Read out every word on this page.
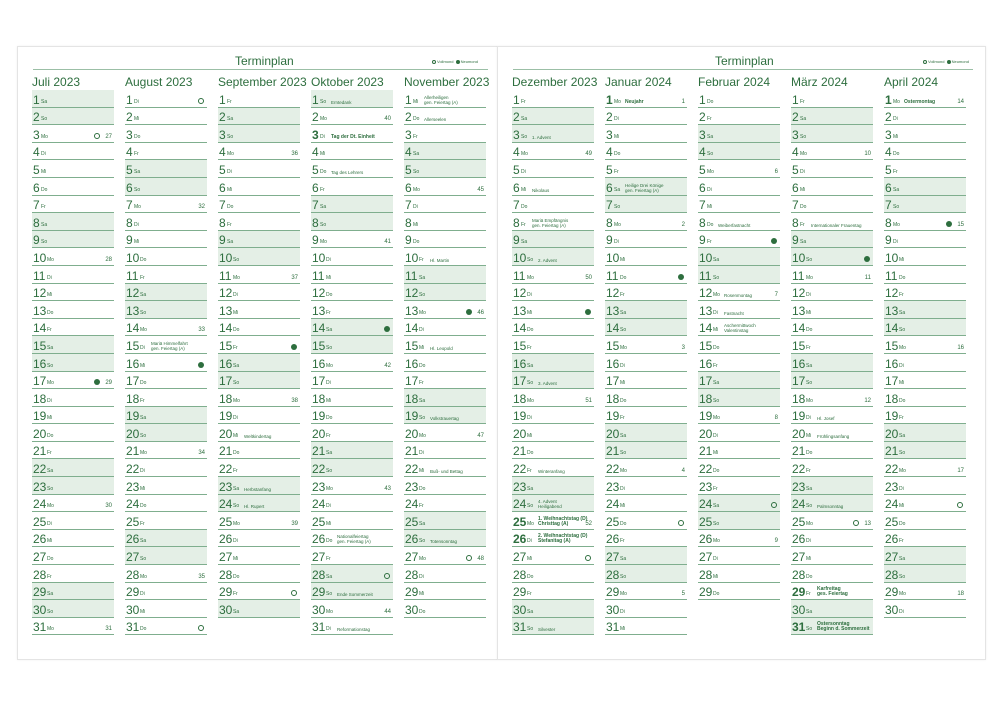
Terminplan	Vollmond Neumond	Terminplan	Vollmond Neumond
Juli 2023
1 Sa
2 So
3 Mo	27
4 Di
5 Mi
6 Do
7 Fr
8 Sa
9 So
10 Mo	28
11 Di
12 Mi
13 Do
14 Fr
15 Sa
16 So
17 Mo	29
18 Di
19 Mi
20 Do
21 Fr
22 Sa
23 So
24 Mo	30
25 Di
26 Mi
27 Do
28 Fr
29 Sa
30 So
31 Mo	31
August 2023
1 Di
2 Mi
3 Do
4 Fr
5 Sa
6 So
7 Mo	32
8 Di
9 Mi
10 Do
11 Fr
12 Sa
13 So
14 Mo	33
15 Di
Mariä Himmelfahrt
gen. Feiertag (A)
16 Mi
17 Do
18 Fr
19 Sa
20 So
21 Mo	34
22 Di
23 Mi
24 Do
25 Fr
26 Sa
27 So
28 Mo	35
29 Di
30 Mi
31 Do
September 2023
1 Fr
2 Sa
3 So
4 Mo	36
5 Di
6 Mi
7 Do
8 Fr
9 Sa
10 So
11 Mo	37
12 Di
13 Mi
14 Do
15 Fr
16 Sa
17 So
18 Mo	38
19 Di
20 Mi Weltkindertag
21 Do
22 Fr
23 Sa Herbstanfang
24 So Hl. Rupert
25 Mo	39
26 Di
27 Mi
28 Do
29 Fr
30 Sa
Oktober 2023
1 So Erntedank
2 Mo	40
3 Di Tag der Dt. Einheit
4 Mi
5 Do Tag des Lehrers
6 Fr
7 Sa
8 So
9 Mo	41
10 Di
11 Mi
12 Do
13 Fr
14 Sa
15 So
16 Mo	42
17 Di
18 Mi
19 Do
20 Fr
21 Sa
22 So
23 Mo	43
24 Di
25 Mi
26 Do
Nationalfeiertag
gen. Feiertag (A)
27 Fr
28 Sa
29 So Ende Sommerzeit
30 Mo	44
31 Di Reformationstag
November 2023
1 Mi
Allerheiligen
gen. Feiertag (A)
2 Do Allerseelen
3 Fr
4 Sa
5 So
6 Mo	45
7 Di
8 Mi
9 Do
10 Fr Hl. Martin
11 Sa
12 So
13 Mo	46
14 Di
15 Mi Hl. Leopold
16 Do
17 Fr
18 Sa
19 So Volkstrauertag
20 Mo	47
21 Di
22 Mi Buß- und Bettag
23 Do
24 Fr
25 Sa
26 So Totensonntag
27 Mo	48
28 Di
29 Mi
30 Do
Dezember 2023
1 Fr
2 Sa
3 So 1. Advent
4 Mo	49
5 Di
6 Mi Nikolaus
7 Do
8 Fr
Mariä Empfängnis
gen. Feiertag (A)
9 Sa
10 So 2. Advent
11 Mo	50
12 Di
13 Mi
14 Do
15 Fr
16 Sa
17 So 3. Advent
18 Mo	51
19 Di
20 Mi
21 Do
22 Fr Winteranfang
23 Sa
24 So
4. Advent
Heiligabend
25 Mo
1. Weihnachtstag (D)
Christtag (A)	52
26 Di
2. Weihnachtstag (D)
Stefanitag (A)
27 Mi
28 Do
29 Fr
30 Sa
31 So Silvester
Januar 2024
1 Mo Neujahr	1
2 Di
3 Mi
4 Do
5 Fr
6 Sa
Heilige Drei Könige
gen. Feiertag (A)
7 So
8 Mo	2
9 Di
10 Mi
11 Do
12 Fr
13 Sa
14 So
15 Mo	3
16 Di
17 Mi
18 Do
19 Fr
20 Sa
21 So
22 Mo	4
23 Di
24 Mi
25 Do
26 Fr
27 Sa
28 So
29 Mo	5
30 Di
31 Mi
Februar 2024
1 Do
2 Fr
3 Sa
4 So
5 Mo	6
6 Di
7 Mi
8 Do Weiberfastnacht
9 Fr
10 Sa
11 So
12 Mo Rosenmontag	7
13 Di Fastnacht
14 Mi
Aschermittwoch
Valentinstag
15 Do
16 Fr
17 Sa
18 So
19 Mo	8
20 Di
21 Mi
22 Do
23 Fr
24 Sa
25 So
26 Mo	9
27 Di
28 Mi
29 Do
März 2024
1 Fr
2 Sa
3 So
4 Mo	10
5 Di
6 Mi
7 Do
8 Fr Internationaler Frauentag
9 Sa
10 So
11 Mo	11
12 Di
13 Mi
14 Do
15 Fr
16 Sa
17 So
18 Mo	12
19 Di Hl. Josef
20 Mi Frühlingsanfang
21 Do
22 Fr
23 Sa
24 So Palmsonntag
25 Mo	13
26 Di
27 Mi
28 Do
29 Fr
Karfreitag
ges. Feiertag
30 Sa
31 So
Ostersonntag
Beginn d. Sommerzeit
April 2024
1 Mo Ostermontag	14
2 Di
3 Mi
4 Do
5 Fr
6 Sa
7 So
8 Mo	15
9 Di
10 Mi
11 Do
12 Fr
13 Sa
14 So
15 Mo	16
16 Di
17 Mi
18 Do
19 Fr
20 Sa
21 So
22 Mo	17
23 Di
24 Mi
25 Do
26 Fr
27 Sa
28 So
29 Mo	18
30 Di
